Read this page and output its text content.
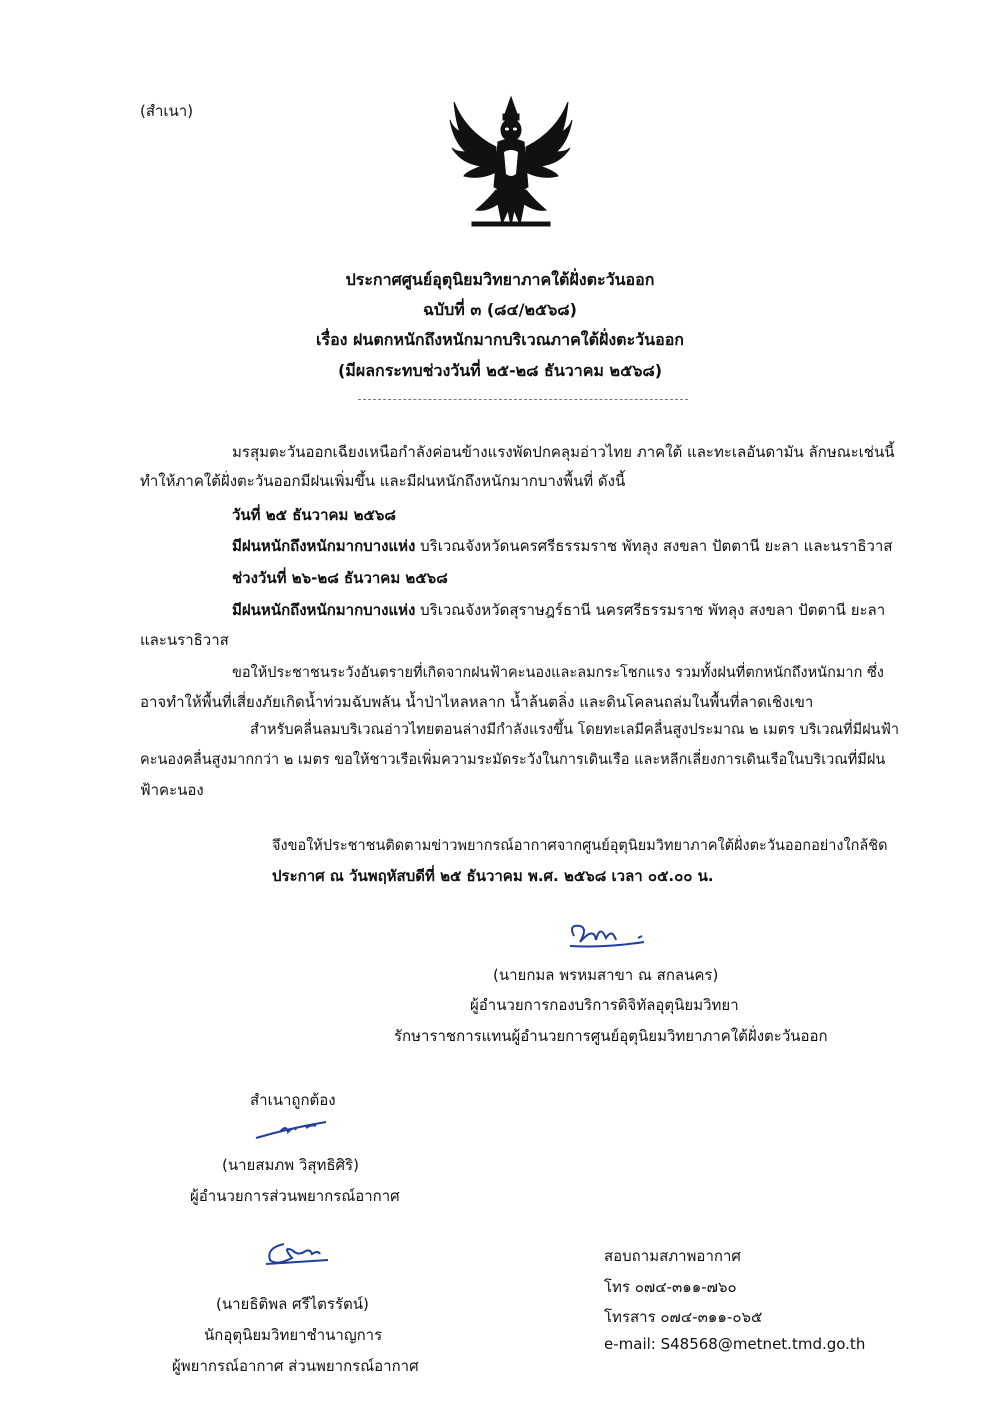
(สำเนา)
ประกาศศูนย์อุตุนิยมวิทยาภาคใต้ฝั่งตะวันออก
ฉบับที่ ๓ (๘๔/๒๕๖๘)
เรื่อง ฝนตกหนักถึงหนักมากบริเวณภาคใต้ฝั่งตะวันออก
(มีผลกระทบช่วงวันที่ ๒๕-๒๘ ธันวาคม ๒๕๖๘)
มรสุมตะวันออกเฉียงเหนือกำลังค่อนข้างแรงพัดปกคลุมอ่าวไทย ภาคใต้ และทะเลอันดามัน ลักษณะเช่นนี้
ทำให้ภาคใต้ฝั่งตะวันออกมีฝนเพิ่มขึ้น และมีฝนหนักถึงหนักมากบางพื้นที่ ดังนี้
วันที่ ๒๕ ธันวาคม ๒๕๖๘
มีฝนหนักถึงหนักมากบางแห่ง บริเวณจังหวัดนครศรีธรรมราช พัทลุง สงขลา ปัตตานี ยะลา และนราธิวาส
ช่วงวันที่ ๒๖-๒๘ ธันวาคม ๒๕๖๘
มีฝนหนักถึงหนักมากบางแห่ง บริเวณจังหวัดสุราษฎร์ธานี นครศรีธรรมราช พัทลุง สงขลา ปัตตานี ยะลา
และนราธิวาส
ขอให้ประชาชนระวังอันตรายที่เกิดจากฝนฟ้าคะนองและลมกระโชกแรง รวมทั้งฝนที่ตกหนักถึงหนักมาก ซึ่ง
อาจทำให้พื้นที่เสี่ยงภัยเกิดน้ำท่วมฉับพลัน น้ำป่าไหลหลาก น้ำล้นตลิ่ง และดินโคลนถล่มในพื้นที่ลาดเชิงเขา
สำหรับคลื่นลมบริเวณอ่าวไทยตอนล่างมีกำลังแรงขึ้น โดยทะเลมีคลื่นสูงประมาณ ๒ เมตร บริเวณที่มีฝนฟ้า
คะนองคลื่นสูงมากกว่า ๒ เมตร ขอให้ชาวเรือเพิ่มความระมัดระวังในการเดินเรือ และหลีกเลี่ยงการเดินเรือในบริเวณที่มีฝน
ฟ้าคะนอง
จึงขอให้ประชาชนติดตามข่าวพยากรณ์อากาศจากศูนย์อุตุนิยมวิทยาภาคใต้ฝั่งตะวันออกอย่างใกล้ชิด
ประกาศ ณ วันพฤหัสบดีที่ ๒๕ ธันวาคม พ.ศ. ๒๕๖๘ เวลา ๐๕.๐๐ น.
(นายกมล พรหมสาขา ณ สกลนคร)
ผู้อำนวยการกองบริการดิจิทัลอุตุนิยมวิทยา
รักษาราชการแทนผู้อำนวยการศูนย์อุตุนิยมวิทยาภาคใต้ฝั่งตะวันออก
สำเนาถูกต้อง
(นายสมภพ วิสุทธิศิริ)
ผู้อำนวยการส่วนพยากรณ์อากาศ
(นายธิติพล ศรีไตรรัตน์)
นักอุตุนิยมวิทยาชำนาญการ
ผู้พยากรณ์อากาศ ส่วนพยากรณ์อากาศ
สอบถามสภาพอากาศ
โทร ๐๗๔-๓๑๑-๗๖๐
โทรสาร ๐๗๔-๓๑๑-๐๖๕
e-mail: S48568@metnet.tmd.go.th
